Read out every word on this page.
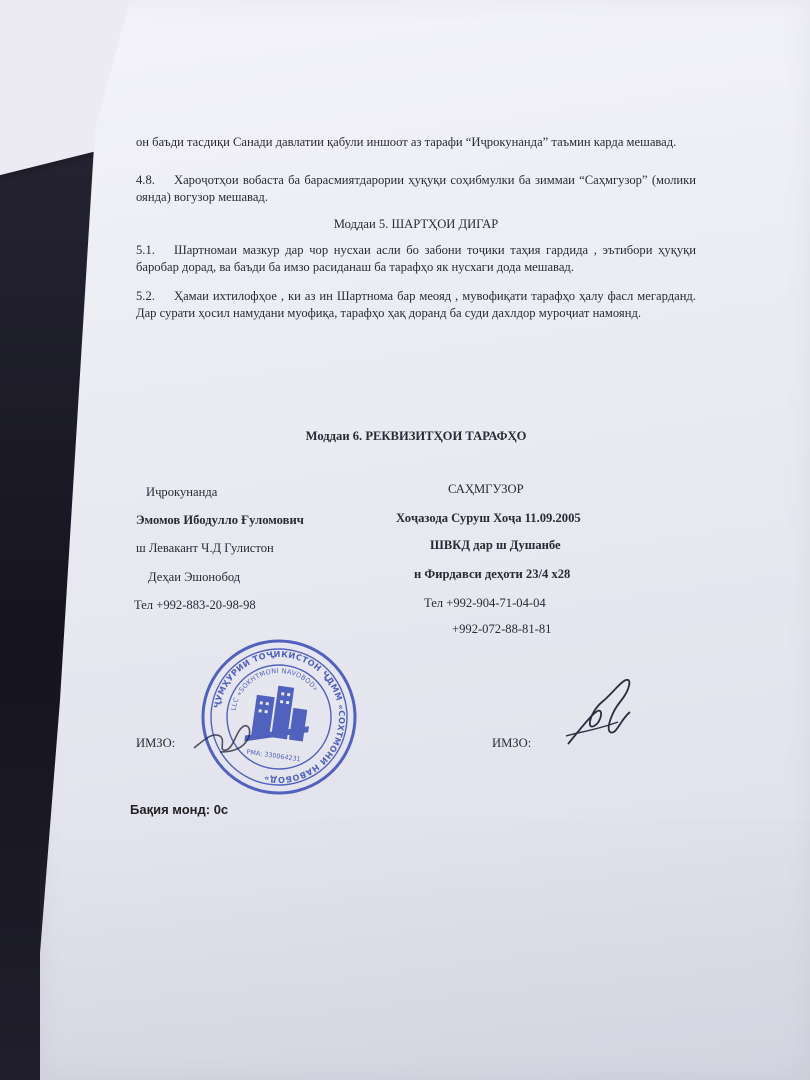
он баъди тасдиқи Санади давлатии қабули иншоот аз тарафи “Иҷрокунанда” таъмин карда мешавад.
4.8. Хароҷотҳои вобаста ба барасмиятдарории ҳуқуқи соҳибмулки ба зиммаи “Саҳмгузор” (молики оянда) вогузор мешавад.
Моддаи 5. ШАРТҲОИ ДИГАР
5.1. Шартномаи мазкур дар чор нусхаи асли бо забони тоҷики таҳия гардида , эътибори ҳуқуқи баробар дорад, ва баъди ба имзо расиданаш ба тарафҳо як нусхаги дода мешавад.
5.2. Ҳамаи ихтилофҳое , ки аз ин Шартнома бар меояд , мувофиқати тарафҳо ҳалу фасл мегарданд. Дар сурати ҳосил намудани муофиқа, тарафҳо ҳақ доранд ба суди дахлдор муроҷиат намоянд.
Моддаи 6. РЕКВИЗИТҲОИ ТАРАФҲО
Иҷрокунанда
Эмомов Ибодулло Ғуломович
ш Левакант Ч.Д Гулистон
Деҳаи Эшонобод
Тел +992-883-20-98-98
ИМЗО:
САҲМГУЗОР
Хоҷазода Суруш Хоҷа 11.09.2005
ШВКД дар ш Душанбе
н Фирдавси деҳоти 23/4 х28
Тел +992-904-71-04-04
+992-072-88-81-81
ИМЗО:
ҶУМҲУРИИ ТОҶИКИСТОН ҶДММ «СОХТМОНИ НАВОБОД»
LLC «SOKHTMONI NAVOBOD»
РМА: 330064231
Бақия монд: 0с
